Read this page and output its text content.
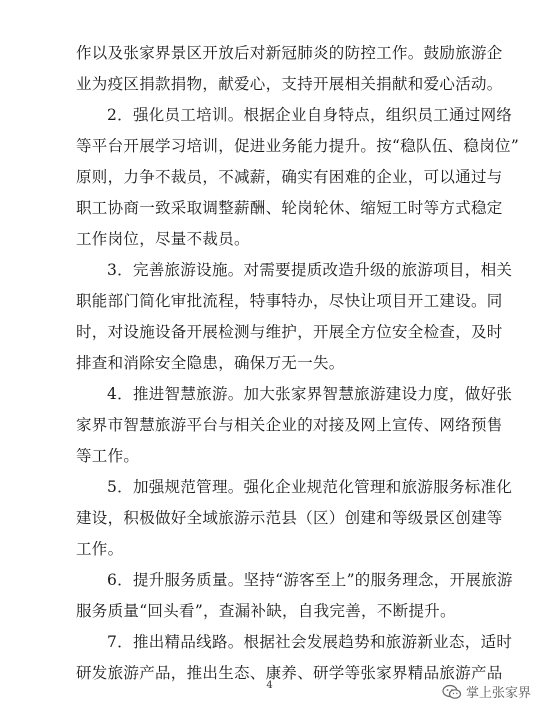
作以及张家界景区开放后对新冠肺炎的防控工作。鼓励旅游企
业为疫区捐款捐物，献爱心，支持开展相关捐献和爱心活动。
2．强化员工培训。根据企业自身特点，组织员工通过网络
等平台开展学习培训，促进业务能力提升。按“稳队伍、稳岗位”
原则，力争不裁员，不减薪，确实有困难的企业，可以通过与
职工协商一致采取调整薪酬、轮岗轮休、缩短工时等方式稳定
工作岗位，尽量不裁员。
3．完善旅游设施。对需要提质改造升级的旅游项目，相关
职能部门简化审批流程，特事特办，尽快让项目开工建设。同
时，对设施设备开展检测与维护，开展全方位安全检查，及时
排查和消除安全隐患，确保万无一失。
4．推进智慧旅游。加大张家界智慧旅游建设力度，做好张
家界市智慧旅游平台与相关企业的对接及网上宣传、网络预售
等工作。
5．加强规范管理。强化企业规范化管理和旅游服务标准化
建设，积极做好全域旅游示范县（区）创建和等级景区创建等
工作。
6．提升服务质量。坚持“游客至上”的服务理念，开展旅游
服务质量“回头看”，查漏补缺，自我完善，不断提升。
7．推出精品线路。根据社会发展趋势和旅游新业态，适时
研发旅游产品，推出生态、康养、研学等张家界精品旅游产品
4
掌上张家界
